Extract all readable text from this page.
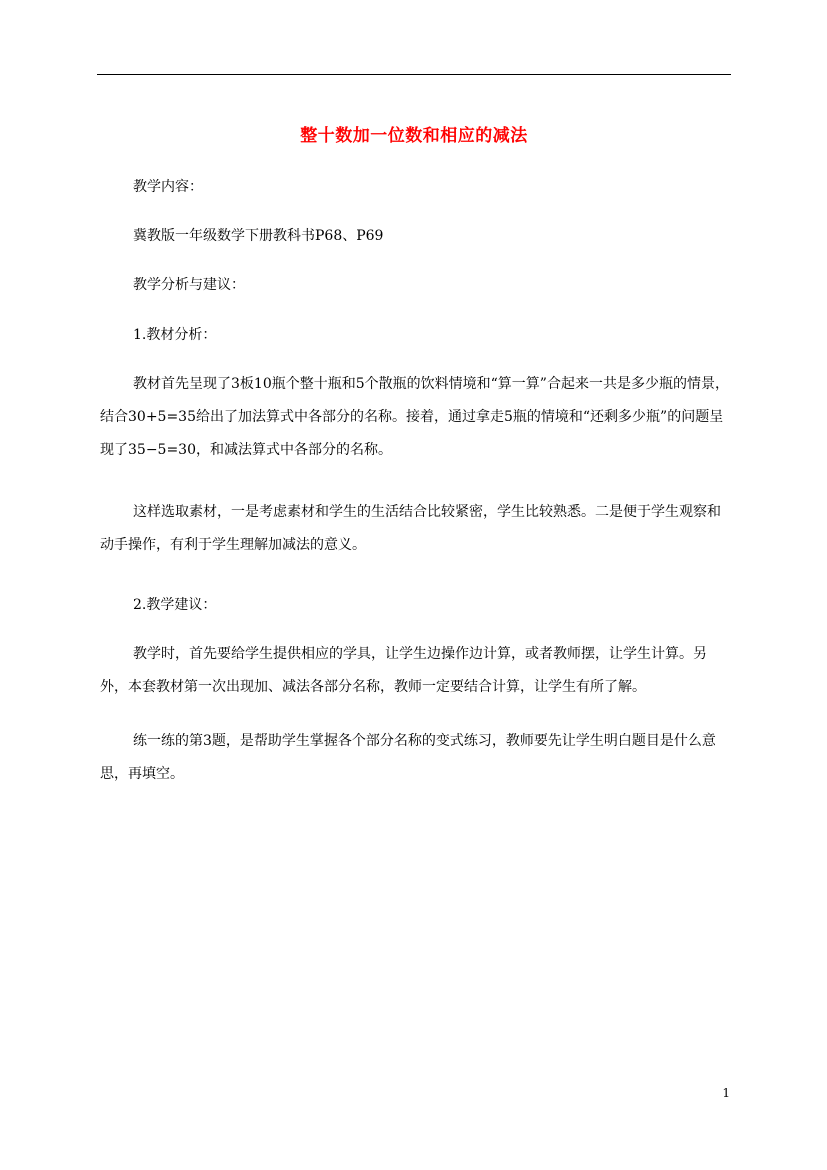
整十数加一位数和相应的减法

教学内容：

冀教版一年级数学下册教科书P68、P69

教学分析与建议：

1.教材分析：

教材首先呈现了3板10瓶个整十瓶和5个散瓶的饮料情境和“算一算”合起来一共是多少瓶的情景，结合30+5=35给出了加法算式中各部分的名称。接着，通过拿走5瓶的情境和“还剩多少瓶”的问题呈现了35−5=30，和减法算式中各部分的名称。

这样选取素材，一是考虑素材和学生的生活结合比较紧密，学生比较熟悉。二是便于学生观察和动手操作，有利于学生理解加减法的意义。

2.教学建议：

教学时，首先要给学生提供相应的学具，让学生边操作边计算，或者教师摆，让学生计算。另外，本套教材第一次出现加、减法各部分名称，教师一定要结合计算，让学生有所了解。

练一练的第3题，是帮助学生掌握各个部分名称的变式练习，教师要先让学生明白题目是什么意思，再填空。

1
